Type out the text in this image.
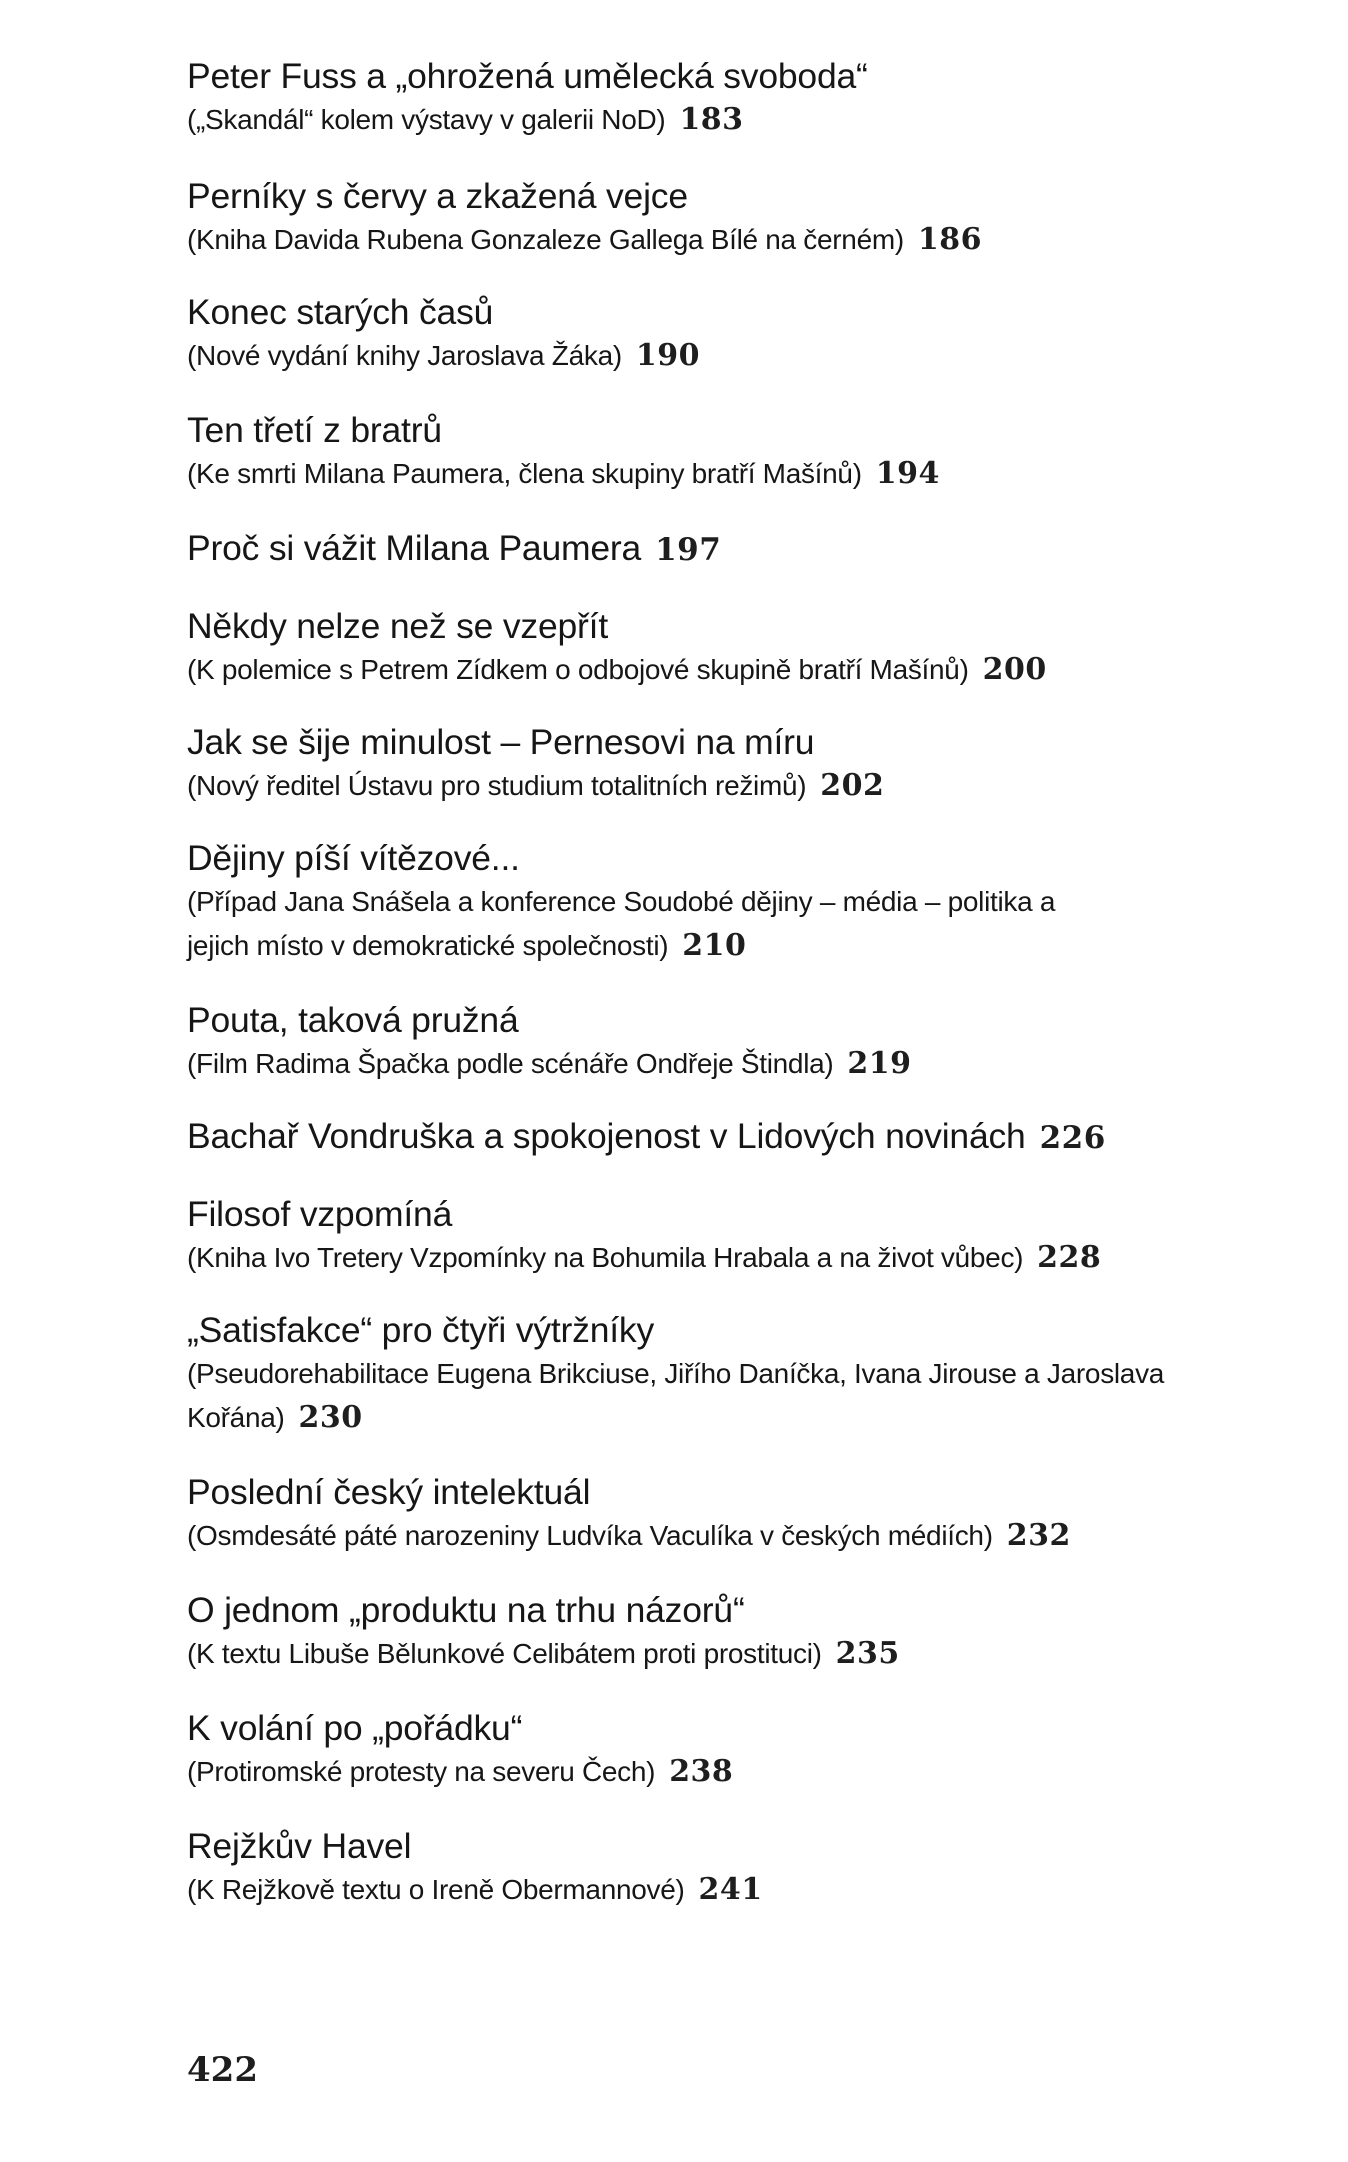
Peter Fuss a „ohrožená umělecká svoboda“
(„Skandál“ kolem výstavy v galerii NoD) 183
Perníky s červy a zkažená vejce
(Kniha Davida Rubena Gonzaleze Gallega Bílé na černém) 186
Konec starých časů
(Nové vydání knihy Jaroslava Žáka) 190
Ten třetí z bratrů
(Ke smrti Milana Paumera, člena skupiny bratří Mašínů) 194
Proč si vážit Milana Paumera 197
Někdy nelze než se vzepřít
(K polemice s Petrem Zídkem o odbojové skupině bratří Mašínů) 200
Jak se šije minulost – Pernesovi na míru
(Nový ředitel Ústavu pro studium totalitních režimů) 202
Dějiny píší vítězové...
(Případ Jana Snášela a konference Soudobé dějiny – média – politika a jejich místo v demokratické společnosti) 210
Pouta, taková pružná
(Film Radima Špačka podle scénáře Ondřeje Štindla) 219
Bachař Vondruška a spokojenost v Lidových novinách 226
Filosof vzpomíná
(Kniha Ivo Tretery Vzpomínky na Bohumila Hrabala a na život vůbec) 228
„Satisfakce“ pro čtyři výtržníky
(Pseudorehabilitace Eugena Brikciuse, Jiřího Daníčka, Ivana Jirouse a Jaroslava Kořána) 230
Poslední český intelektuál
(Osmdesáté páté narozeniny Ludvíka Vaculíka v českých médiích) 232
O jednom „produktu na trhu názorů“
(K textu Libuše Bělunkové Celibátem proti prostituci) 235
K volání po „pořádku“
(Protiromské protesty na severu Čech) 238
Rejžkův Havel
(K Rejžkově textu o Ireně Obermannové) 241
422
